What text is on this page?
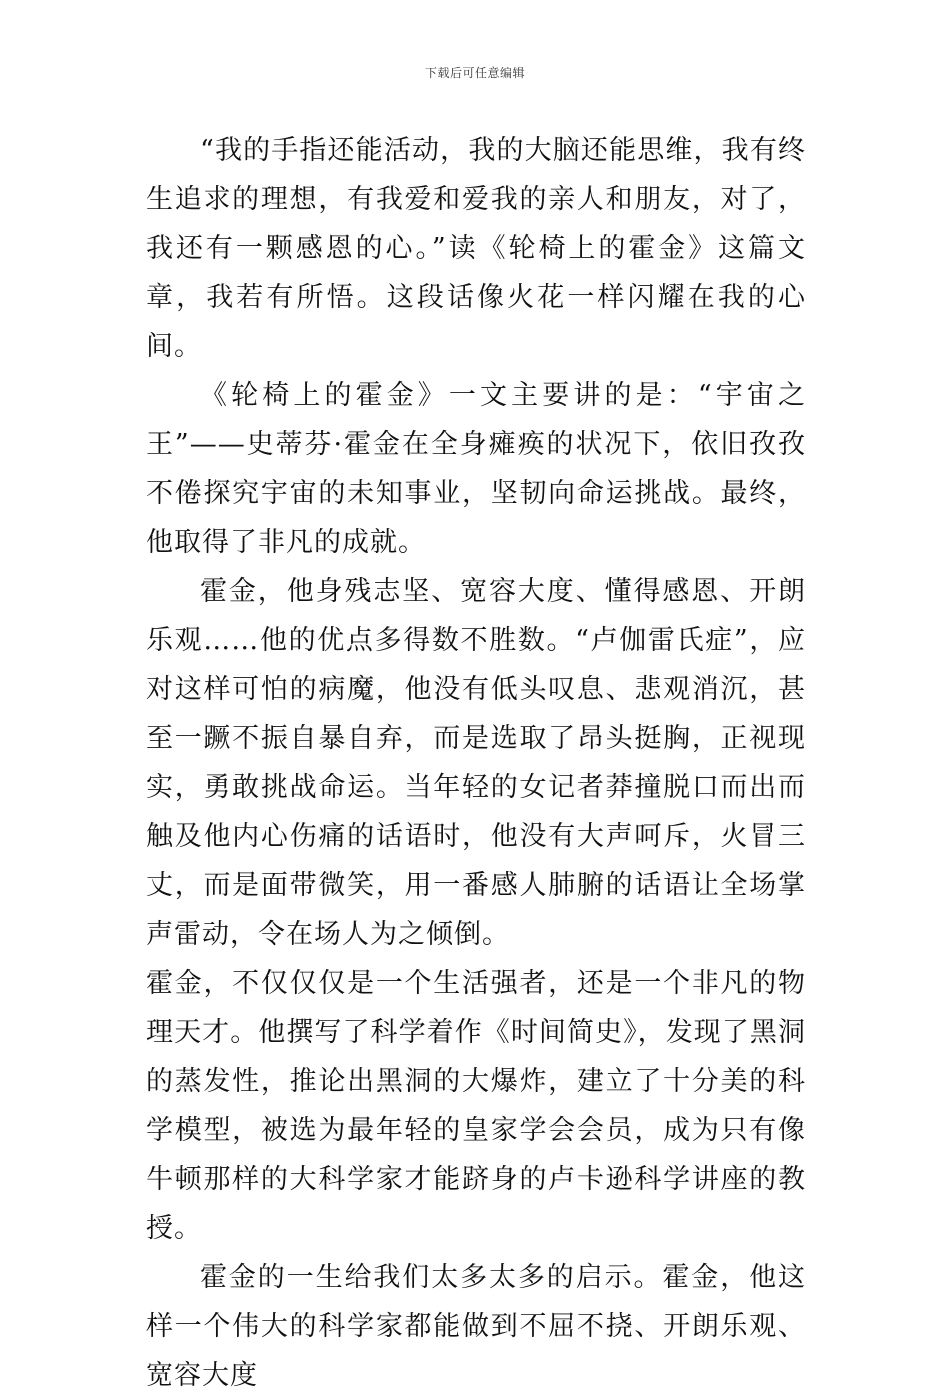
下载后可任意编辑

“我的手指还能活动，我的大脑还能思维，我有终生追求的理想，有我爱和爱我的亲人和朋友，对了，我还有一颗感恩的心。”读《轮椅上的霍金》这篇文章，我若有所悟。这段话像火花一样闪耀在我的心间。

《轮椅上的霍金》一文主要讲的是：“宇宙之王”——史蒂芬·霍金在全身瘫痪的状况下，依旧孜孜不倦探究宇宙的未知事业，坚韧向命运挑战。最终，他取得了非凡的成就。

霍金，他身残志坚、宽容大度、懂得感恩、开朗乐观……他的优点多得数不胜数。“卢伽雷氏症”，应对这样可怕的病魔，他没有低头叹息、悲观消沉，甚至一蹶不振自暴自弃，而是选取了昂头挺胸，正视现实，勇敢挑战命运。当年轻的女记者莽撞脱口而出而触及他内心伤痛的话语时，他没有大声呵斥，火冒三丈，而是面带微笑，用一番感人肺腑的话语让全场掌声雷动，令在场人为之倾倒。

霍金，不仅仅仅是一个生活强者，还是一个非凡的物理天才。他撰写了科学着作《时间简史》，发现了黑洞的蒸发性，推论出黑洞的大爆炸，建立了十分美的科学模型，被选为最年轻的皇家学会会员，成为只有像牛顿那样的大科学家才能跻身的卢卡逊科学讲座的教授。

霍金的一生给我们太多太多的启示。霍金，他这样一个伟大的科学家都能做到不屈不挠、开朗乐观、宽容大度
